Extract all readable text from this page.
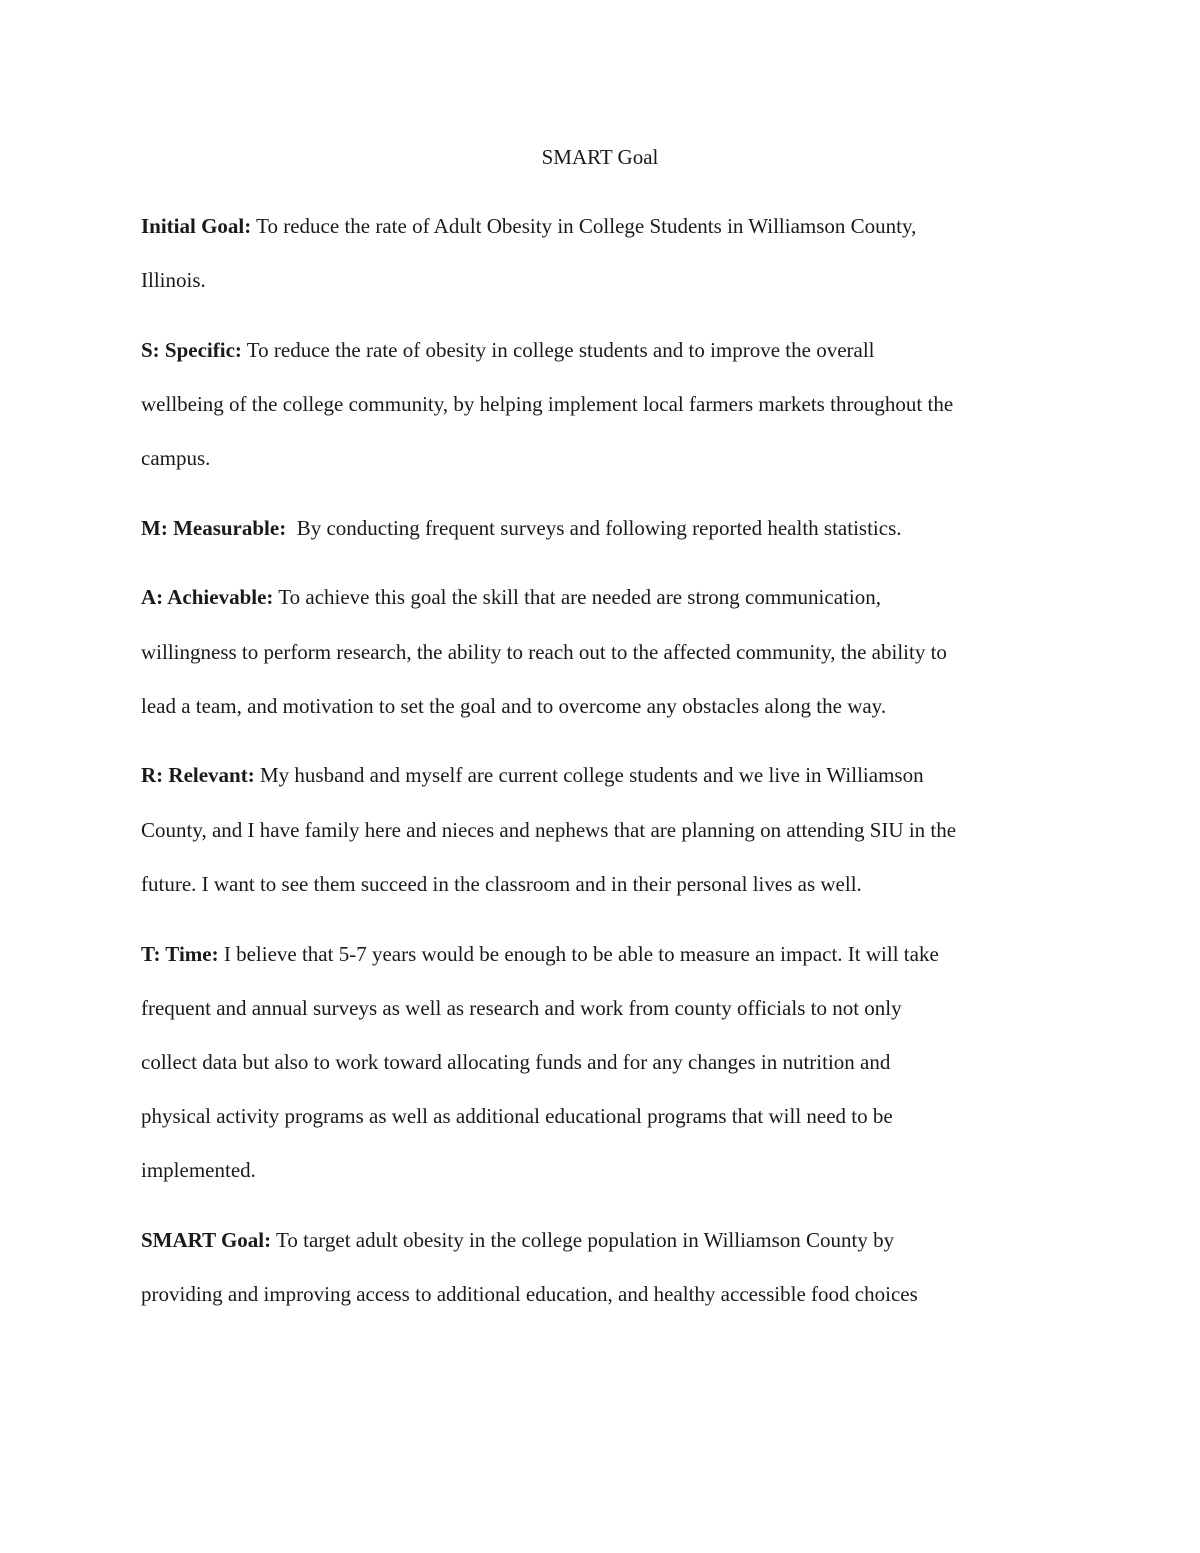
SMART Goal
Initial Goal: To reduce the rate of Adult Obesity in College Students in Williamson County,
Illinois.
S: Specific: To reduce the rate of obesity in college students and to improve the overall
wellbeing of the college community, by helping implement local farmers markets throughout the
campus.
M: Measurable:  By conducting frequent surveys and following reported health statistics.
A: Achievable: To achieve this goal the skill that are needed are strong communication,
willingness to perform research, the ability to reach out to the affected community, the ability to
lead a team, and motivation to set the goal and to overcome any obstacles along the way.
R: Relevant: My husband and myself are current college students and we live in Williamson
County, and I have family here and nieces and nephews that are planning on attending SIU in the
future. I want to see them succeed in the classroom and in their personal lives as well.
T: Time: I believe that 5-7 years would be enough to be able to measure an impact. It will take
frequent and annual surveys as well as research and work from county officials to not only
collect data but also to work toward allocating funds and for any changes in nutrition and
physical activity programs as well as additional educational programs that will need to be
implemented.
SMART Goal: To target adult obesity in the college population in Williamson County by
providing and improving access to additional education, and healthy accessible food choices
